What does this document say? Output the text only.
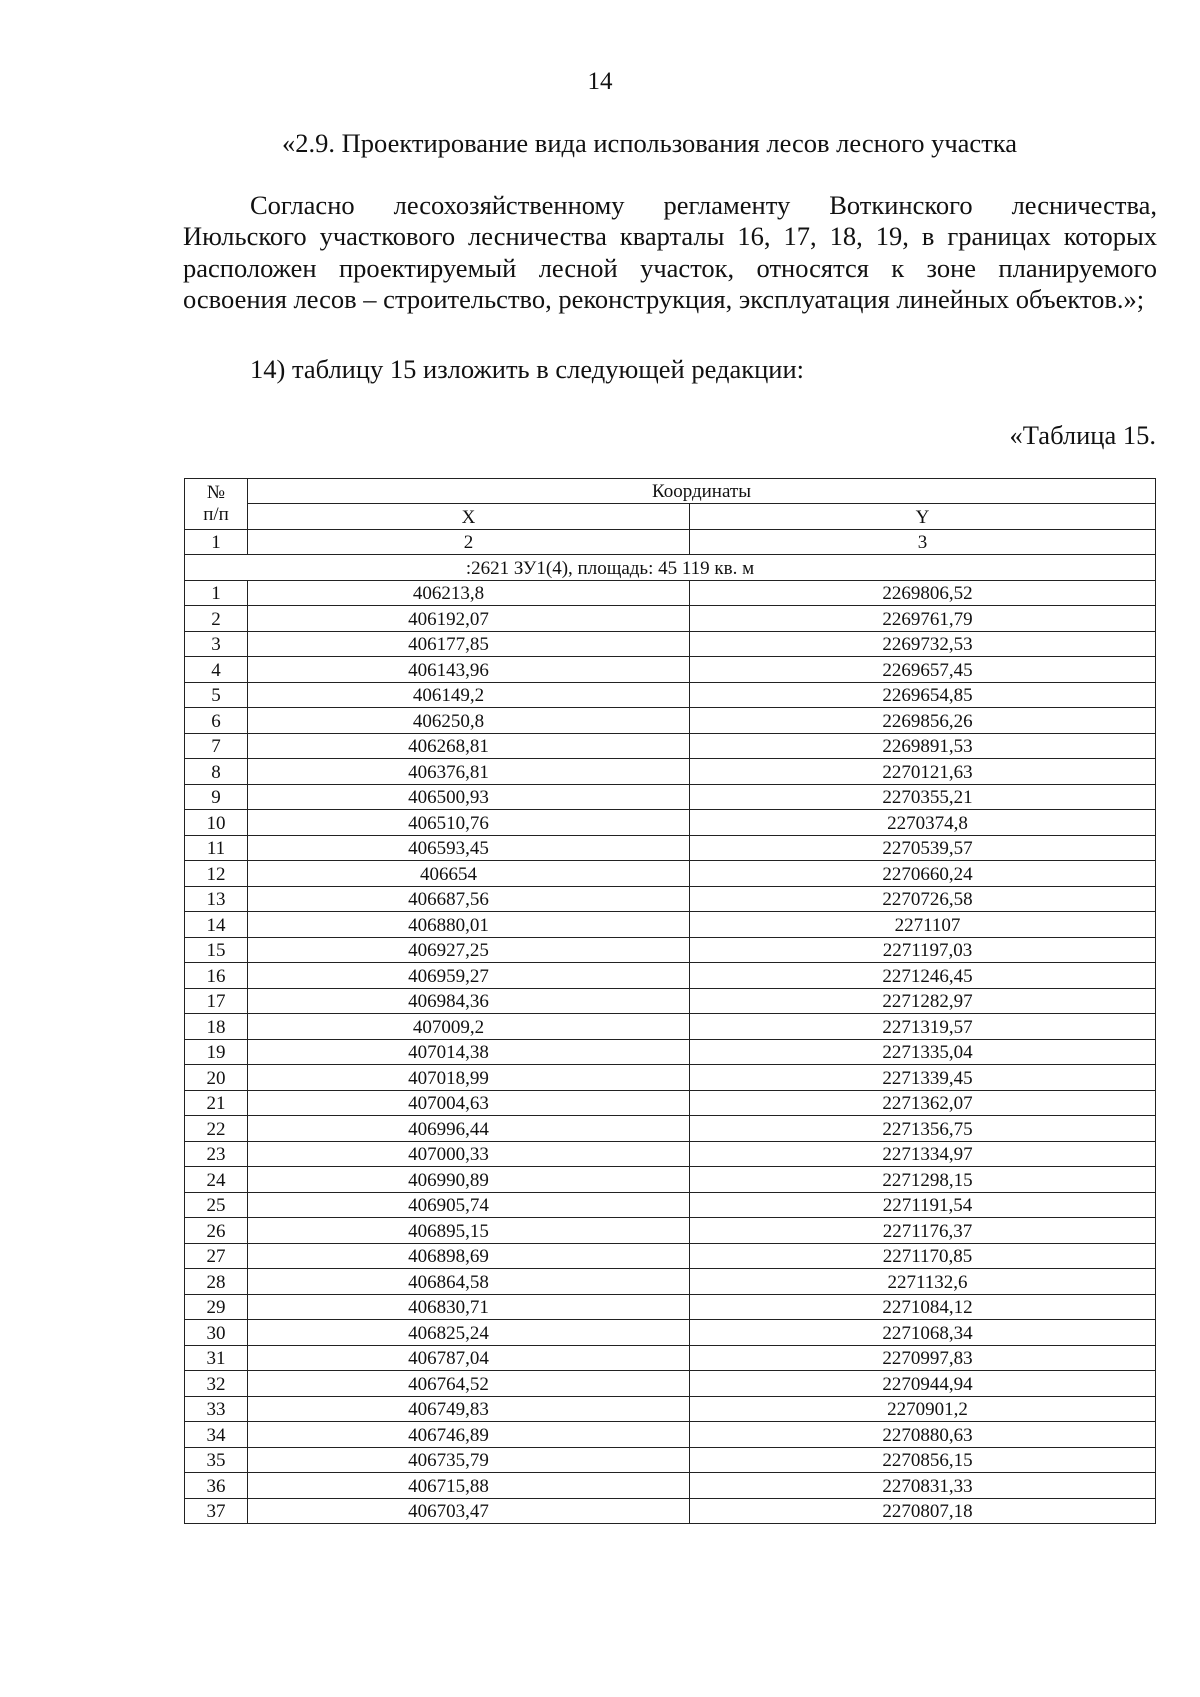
14
«2.9. Проектирование вида использования лесов лесного участка
Согласно лесохозяйственному регламенту Воткинского лесничества,

Июльского участкового лесничества кварталы 16, 17, 18, 19, в границах которых расположен проектируемый лесной участок, относятся к зоне планируемого освоения лесов – строительство, реконструкция, эксплуатация линейных объектов.»;

14) таблицу 15 изложить в следующей редакции:
«Таблица 15.
№
п/п	Координаты	
	X	Y
1	2	3
:2621 ЗУ1(4), площадь: 45 119 кв. м		
1	406213,8	2269806,52
2	406192,07	2269761,79
3	406177,85	2269732,53
4	406143,96	2269657,45
5	406149,2	2269654,85
6	406250,8	2269856,26
7	406268,81	2269891,53
8	406376,81	2270121,63
9	406500,93	2270355,21
10	406510,76	2270374,8
11	406593,45	2270539,57
12	406654	2270660,24
13	406687,56	2270726,58
14	406880,01	2271107
15	406927,25	2271197,03
16	406959,27	2271246,45
17	406984,36	2271282,97
18	407009,2	2271319,57
19	407014,38	2271335,04
20	407018,99	2271339,45
21	407004,63	2271362,07
22	406996,44	2271356,75
23	407000,33	2271334,97
24	406990,89	2271298,15
25	406905,74	2271191,54
26	406895,15	2271176,37
27	406898,69	2271170,85
28	406864,58	2271132,6
29	406830,71	2271084,12
30	406825,24	2271068,34
31	406787,04	2270997,83
32	406764,52	2270944,94
33	406749,83	2270901,2
34	406746,89	2270880,63
35	406735,79	2270856,15
36	406715,88	2270831,33
37	406703,47	2270807,18
